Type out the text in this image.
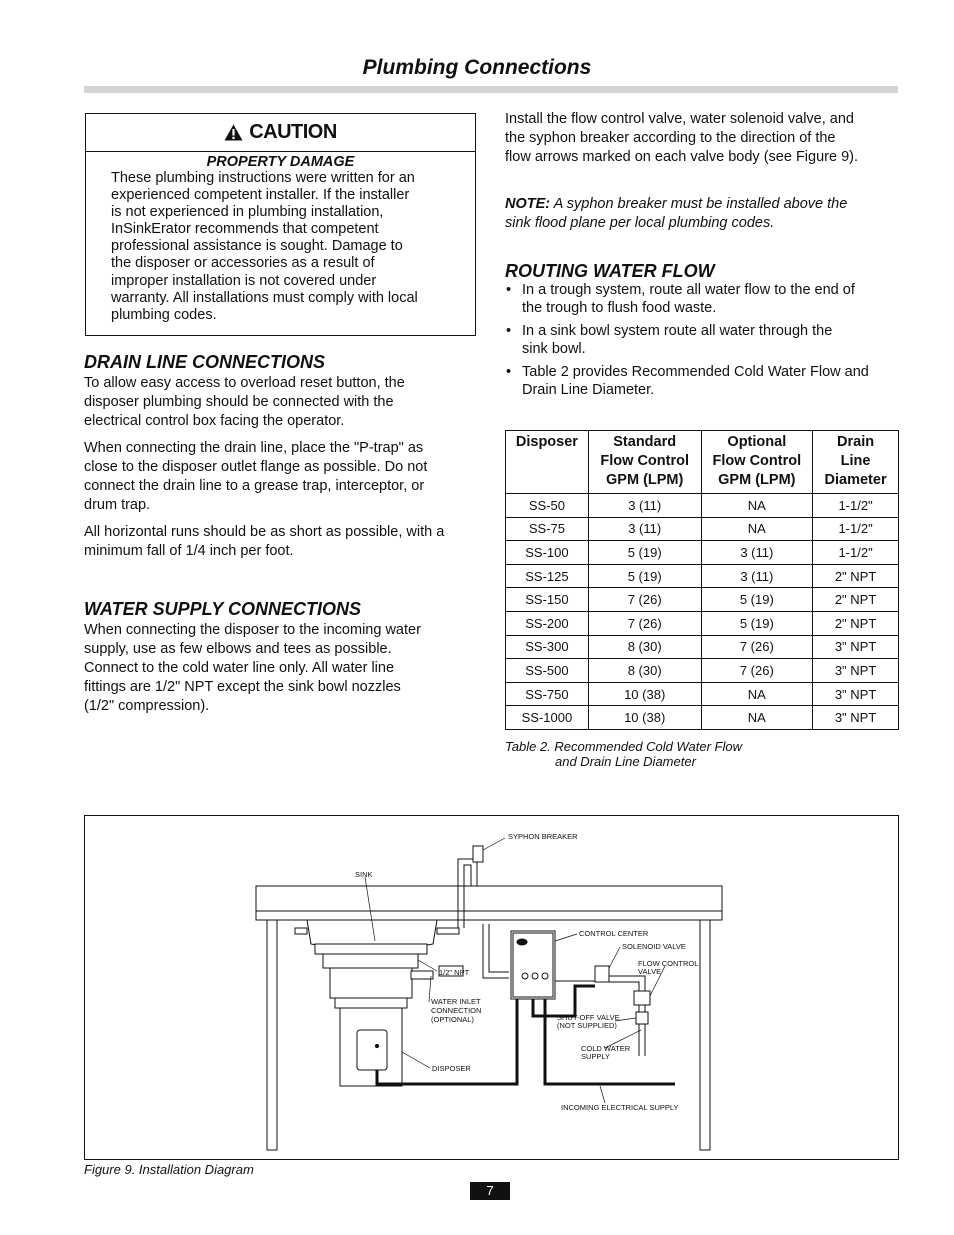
Plumbing Connections
CAUTION
PROPERTY DAMAGE
These plumbing instructions were written for an
experienced competent installer. If the installer
is not experienced in plumbing installation,
InSinkErator recommends that competent
professional assistance is sought. Damage to
the disposer or accessories as a result of
improper installation is not covered under
warranty. All installations must comply with local
plumbing codes.
DRAIN LINE CONNECTIONS
To allow easy access to overload reset button, the
disposer plumbing should be connected with the
electrical control box facing the operator.
When connecting the drain line, place the "P-trap" as
close to the disposer outlet flange as possible. Do not
connect the drain line to a grease trap, interceptor, or
drum trap.
All horizontal runs should be as short as possible, with a
minimum fall of 1/4 inch per foot.
WATER SUPPLY CONNECTIONS
When connecting the disposer to the incoming water
supply, use as few elbows and tees as possible.
Connect to the cold water line only. All water line
fittings are 1/2" NPT except the sink bowl nozzles
(1/2" compression).
Install the flow control valve, water solenoid valve, and
the syphon breaker according to the direction of the
flow arrows marked on each valve body (see Figure 9).
NOTE: A syphon breaker must be installed above the
sink flood plane per local plumbing codes.
ROUTING WATER FLOW
• In a trough system, route all water flow to the end of
the trough to flush food waste.
• In a sink bowl system route all water through the
sink bowl.
• Table 2 provides Recommended Cold Water Flow and
Drain Line Diameter.
Disposer	Standard
Flow Control
GPM (LPM)	Optional
Flow Control
GPM (LPM)	Drain
Line
Diameter
SS-50	3 (11)	NA	1-1/2"
SS-75	3 (11)	NA	1-1/2"
SS-100	5 (19)	3 (11)	1-1/2"
SS-125	5 (19)	3 (11)	2" NPT
SS-150	7 (26)	5 (19)	2" NPT
SS-200	7 (26)	5 (19)	2" NPT
SS-300	8 (30)	7 (26)	3" NPT
SS-500	8 (30)	7 (26)	3" NPT
SS-750	10 (38)	NA	3" NPT
SS-1000	10 (38)	NA	3" NPT
Table 2. Recommended Cold Water Flow
and Drain Line Diameter
SYPHON BREAKER
SINK
CONTROL CENTER
SOLENOID VALVE
FLOW CONTROL
VALVE
1/2" NPT
WATER INLET
CONNECTION
(OPTIONAL)	SHUT-OFF VALVE
(NOT SUPPLIED)
COLD WATER
SUPPLY
DISPOSER
INCOMING ELECTRICAL SUPPLY
Figure 9. Installation Diagram
7
